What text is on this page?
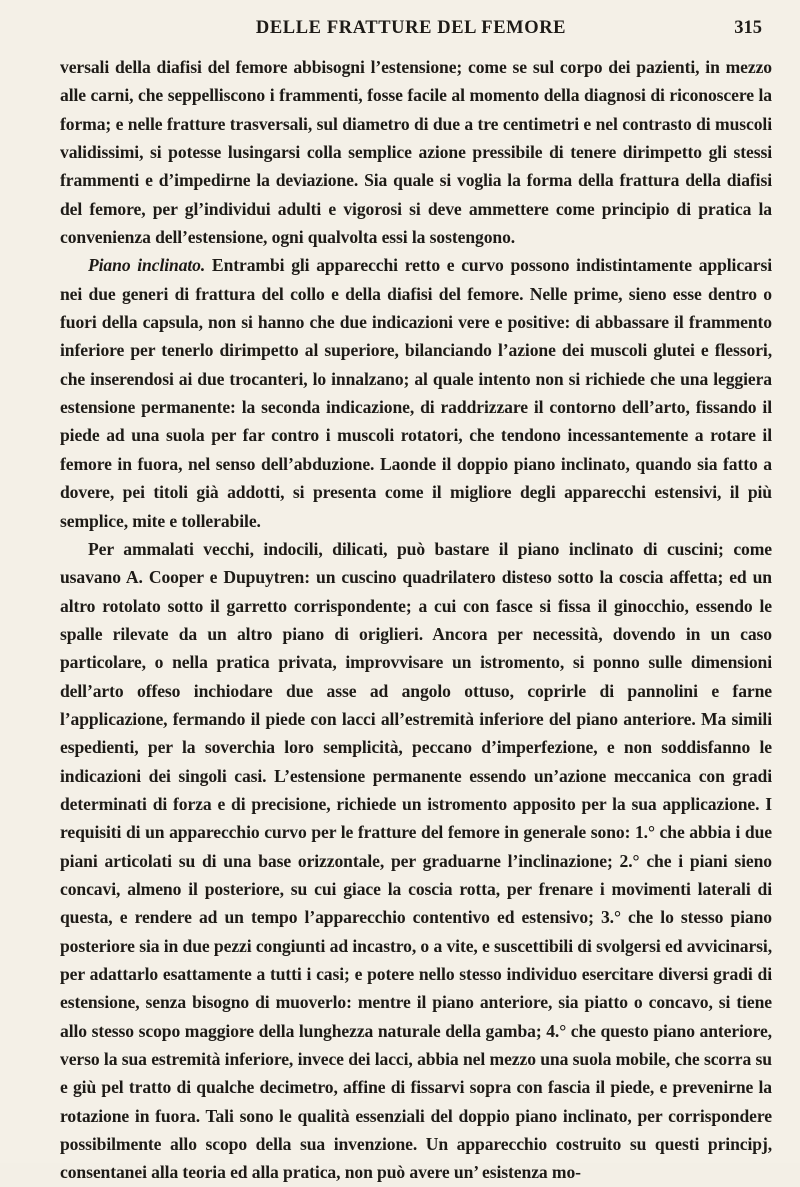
DELLE FRATTURE DEL FEMORE	315

versali della diafisi del femore abbisogni l’estensione; come se sul corpo dei pazienti, in mezzo alle carni, che seppelliscono i frammenti, fosse facile al momento della diagnosi di riconoscere la forma; e nelle fratture trasversali, sul diametro di due a tre centimetri e nel contrasto di muscoli validissimi, si potesse lusingarsi colla semplice azione pressibile di tenere dirimpetto gli stessi frammenti e d’impedirne la deviazione. Sia quale si voglia la forma della frattura della diafisi del femore, per gl’individui adulti e vigorosi si deve ammettere come principio di pratica la convenienza dell’estensione, ogni qualvolta essi la sostengono.

Piano inclinato. Entrambi gli apparecchi retto e curvo possono indistintamente applicarsi nei due generi di frattura del collo e della diafisi del femore. Nelle prime, sieno esse dentro o fuori della capsula, non si hanno che due indicazioni vere e positive: di abbassare il frammento inferiore per tenerlo dirimpetto al superiore, bilanciando l’azione dei muscoli glutei e flessori, che inserendosi ai due trocanteri, lo innalzano; al quale intento non si richiede che una leggiera estensione permanente: la seconda indicazione, di raddrizzare il contorno dell’arto, fissando il piede ad una suola per far contro i muscoli rotatori, che tendono incessantemente a rotare il femore in fuora, nel senso dell’abduzione. Laonde il doppio piano inclinato, quando sia fatto a dovere, pei titoli già addotti, si presenta come il migliore degli apparecchi estensivi, il più semplice, mite e tollerabile.

Per ammalati vecchi, indocili, dilicati, può bastare il piano inclinato di cuscini; come usavano A. Cooper e Dupuytren: un cuscino quadrilatero disteso sotto la coscia affetta; ed un altro rotolato sotto il garretto corrispondente; a cui con fasce si fissa il ginocchio, essendo le spalle rilevate da un altro piano di origlieri. Ancora per necessità, dovendo in un caso particolare, o nella pratica privata, improvvisare un istromento, si ponno sulle dimensioni dell’arto offeso inchiodare due asse ad angolo ottuso, coprirle di pannolini e farne l’applicazione, fermando il piede con lacci all’estremità inferiore del piano anteriore. Ma simili espedienti, per la soverchia loro semplicità, peccano d’imperfezione, e non soddisfanno le indicazioni dei singoli casi. L’estensione permanente essendo un’azione meccanica con gradi determinati di forza e di precisione, richiede un istromento apposito per la sua applicazione. I requisiti di un apparecchio curvo per le fratture del femore in generale sono: 1.° che abbia i due piani articolati su di una base orizzontale, per graduarne l’inclinazione; 2.° che i piani sieno concavi, almeno il posteriore, su cui giace la coscia rotta, per frenare i movimenti laterali di questa, e rendere ad un tempo l’apparecchio contentivo ed estensivo; 3.° che lo stesso piano posteriore sia in due pezzi congiunti ad incastro, o a vite, e suscettibili di svolgersi ed avvicinarsi, per adattarlo esattamente a tutti i casi; e potere nello stesso individuo esercitare diversi gradi di estensione, senza bisogno di muoverlo: mentre il piano anteriore, sia piatto o concavo, si tiene allo stesso scopo maggiore della lunghezza naturale della gamba; 4.° che questo piano anteriore, verso la sua estremità inferiore, invece dei lacci, abbia nel mezzo una suola mobile, che scorra su e giù pel tratto di qualche decimetro, affine di fissarvi sopra con fascia il piede, e prevenirne la rotazione in fuora. Tali sono le qualità essenziali del doppio piano inclinato, per corrispondere possibilmente allo scopo della sua invenzione. Un apparecchio costruito su questi principj, consentanei alla teoria ed alla pratica, non può avere un’ esistenza mo-
